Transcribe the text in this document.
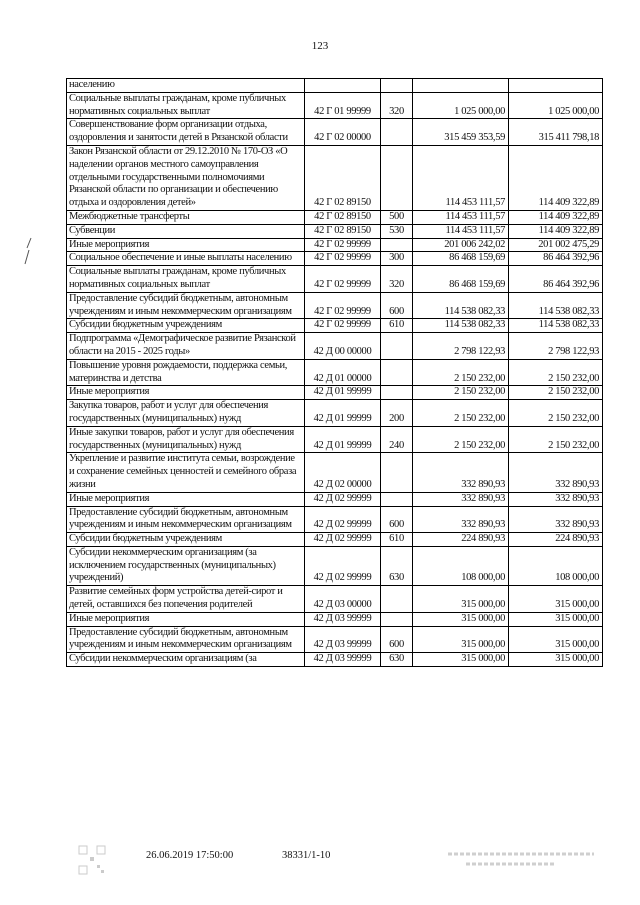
123
населению				
Социальные выплаты гражданам, кроме публичных нормативных социальных выплат	42 Г 01 99999	320	1 025 000,00	1 025 000,00
Совершенствование форм организации отдыха, оздоровления и занятости детей в Рязанской области	42 Г 02 00000		315 459 353,59	315 411 798,18
Закон Рязанской области от 29.12.2010 № 170-ОЗ «О наделении органов местного самоуправления отдельными государственными полномочиями Рязанской области по организации и обеспечению отдыха и оздоровления детей»	42 Г 02 89150		114 453 111,57	114 409 322,89
Межбюджетные трансферты	42 Г 02 89150	500	114 453 111,57	114 409 322,89
Субвенции	42 Г 02 89150	530	114 453 111,57	114 409 322,89
Иные мероприятия	42 Г 02 99999		201 006 242,02	201 002 475,29
Социальное обеспечение и иные выплаты населению	42 Г 02 99999	300	86 468 159,69	86 464 392,96
Социальные выплаты гражданам, кроме публичных нормативных социальных выплат	42 Г 02 99999	320	86 468 159,69	86 464 392,96
Предоставление субсидий бюджетным, автономным учреждениям и иным некоммерческим организациям	42 Г 02 99999	600	114 538 082,33	114 538 082,33
Субсидии бюджетным учреждениям	42 Г 02 99999	610	114 538 082,33	114 538 082,33
Подпрограмма «Демографическое развитие Рязанской области на 2015 - 2025 годы»	42 Д 00 00000		2 798 122,93	2 798 122,93
Повышение уровня рождаемости, поддержка семьи, материнства и детства	42 Д 01 00000		2 150 232,00	2 150 232,00
Иные мероприятия	42 Д 01 99999		2 150 232,00	2 150 232,00
Закупка товаров, работ и услуг для обеспечения государственных (муниципальных) нужд	42 Д 01 99999	200	2 150 232,00	2 150 232,00
Иные закупки товаров, работ и услуг для обеспечения государственных (муниципальных) нужд	42 Д 01 99999	240	2 150 232,00	2 150 232,00
Укрепление и развитие института семьи, возрождение и сохранение семейных ценностей и семейного образа жизни	42 Д 02 00000		332 890,93	332 890,93
Иные мероприятия	42 Д 02 99999		332 890,93	332 890,93
Предоставление субсидий бюджетным, автономным учреждениям и иным некоммерческим организациям	42 Д 02 99999	600	332 890,93	332 890,93
Субсидии бюджетным учреждениям	42 Д 02 99999	610	224 890,93	224 890,93
Субсидии некоммерческим организациям (за исключением государственных (муниципальных) учреждений)	42 Д 02 99999	630	108 000,00	108 000,00
Развитие семейных форм устройства детей-сирот и детей, оставшихся без попечения родителей	42 Д 03 00000		315 000,00	315 000,00
Иные мероприятия	42 Д 03 99999		315 000,00	315 000,00
Предоставление субсидий бюджетным, автономным учреждениям и иным некоммерческим организациям	42 Д 03 99999	600	315 000,00	315 000,00
Субсидии некоммерческим организациям (за	42 Д 03 99999	630	315 000,00	315 000,00
26.06.2019 17:50:00	38331/1-10
